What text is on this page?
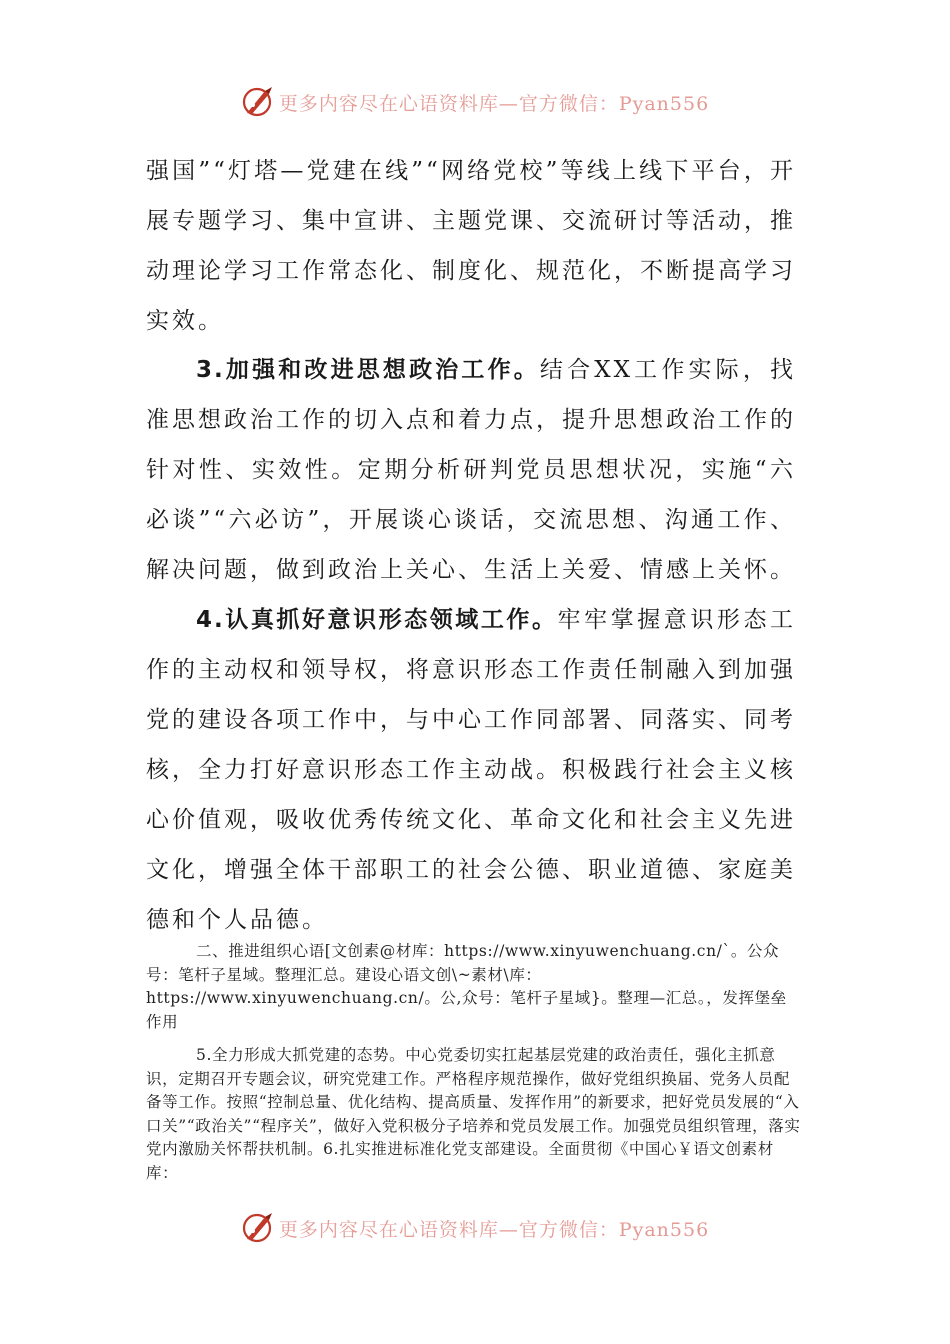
更多内容尽在心语资料库—官方微信：Pyan556

强国”“灯塔—党建在线”“网络党校”等线上线下平台，开展专题学习、集中宣讲、主题党课、交流研讨等活动，推动理论学习工作常态化、制度化、规范化，不断提高学习实效。

3.加强和改进思想政治工作。结合XX工作实际，找准思想政治工作的切入点和着力点，提升思想政治工作的针对性、实效性。定期分析研判党员思想状况，实施“六必谈”“六必访”，开展谈心谈话，交流思想、沟通工作、解决问题，做到政治上关心、生活上关爱、情感上关怀。

4.认真抓好意识形态领域工作。牢牢掌握意识形态工作的主动权和领导权，将意识形态工作责任制融入到加强党的建设各项工作中，与中心工作同部署、同落实、同考核，全力打好意识形态工作主动战。积极践行社会主义核心价值观，吸收优秀传统文化、革命文化和社会主义先进文化，增强全体干部职工的社会公德、职业道德、家庭美德和个人品德。

二、推进组织心语[文创素@材库：https://www.xinyuwenchuang.cn/`。公众号：笔杆子星域。整理汇总。建设心语文创\~素材\库：https://www.xinyuwenchuang.cn/。公,众号：笔杆子星域}。整理—汇总。，发挥堡垒作用

5.全力形成大抓党建的态势。中心党委切实扛起基层党建的政治责任，强化主抓意识，定期召开专题会议，研究党建工作。严格程序规范操作，做好党组织换届、党务人员配备等工作。按照“控制总量、优化结构、提高质量、发挥作用”的新要求，把好党员发展的“入口关”“政治关”“程序关”，做好入党积极分子培养和党员发展工作。加强党员组织管理，落实党内激励关怀帮扶机制。6.扎实推进标准化党支部建设。全面贯彻《中国心￥语文创素材库：

更多内容尽在心语资料库—官方微信：Pyan556
